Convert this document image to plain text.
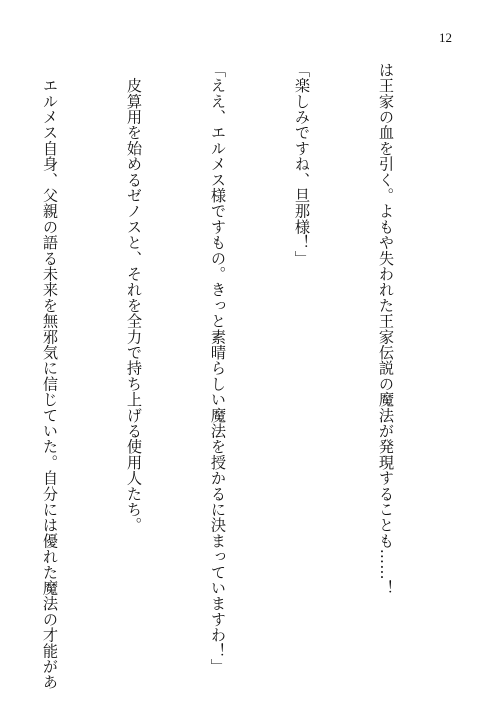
12

は王家の血を引く。よもや失われた王家伝説の魔法が発現することも……！

「楽しみですね、旦那様！」

「ええ、エルメス様ですもの。きっと素晴らしい魔法を授かるに決まっていますわ！」

　皮算用を始めるゼノスと、それを全力で持ち上げる使用人たち。

　エルメス自身、父親の語る未来を無邪気に信じていた。自分には優れた魔法の才能があ
